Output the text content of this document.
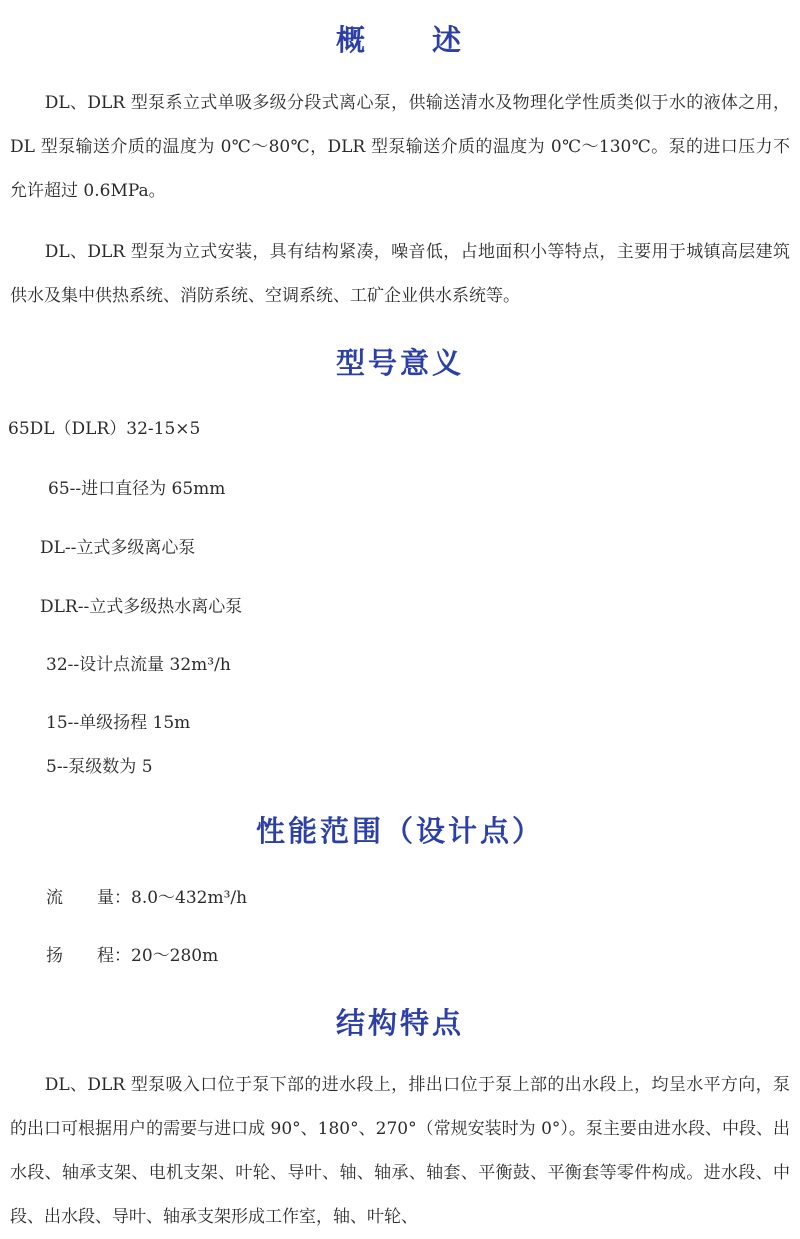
概　　述
　　DL、DLR 型泵系立式单吸多级分段式离心泵，供输送清水及物理化学性质类似于水的液体之用，DL 型泵输送介质的温度为 0℃～80℃，DLR 型泵输送介质的温度为 0℃～130℃。泵的进口压力不允许超过 0.6MPa。
　　DL、DLR 型泵为立式安装，具有结构紧凑，噪音低，占地面积小等特点，主要用于城镇高层建筑供水及集中供热系统、消防系统、空调系统、工矿企业供水系统等。
型号意义
65DL（DLR）32-15×5
65--进口直径为 65mm
DL--立式多级离心泵
DLR--立式多级热水离心泵
32--设计点流量 32m³/h
15--单级扬程 15m
5--泵级数为 5
性能范围（设计点）
流　　量：8.0～432m³/h
扬　　程：20～280m
结构特点
　　DL、DLR 型泵吸入口位于泵下部的进水段上，排出口位于泵上部的出水段上，均呈水平方向，泵的出口可根据用户的需要与进口成 90°、180°、270°（常规安装时为 0°）。泵主要由进水段、中段、出水段、轴承支架、电机支架、叶轮、导叶、轴、轴承、轴套、平衡鼓、平衡套等零件构成。进水段、中段、出水段、导叶、轴承支架形成工作室，轴、叶轮、
